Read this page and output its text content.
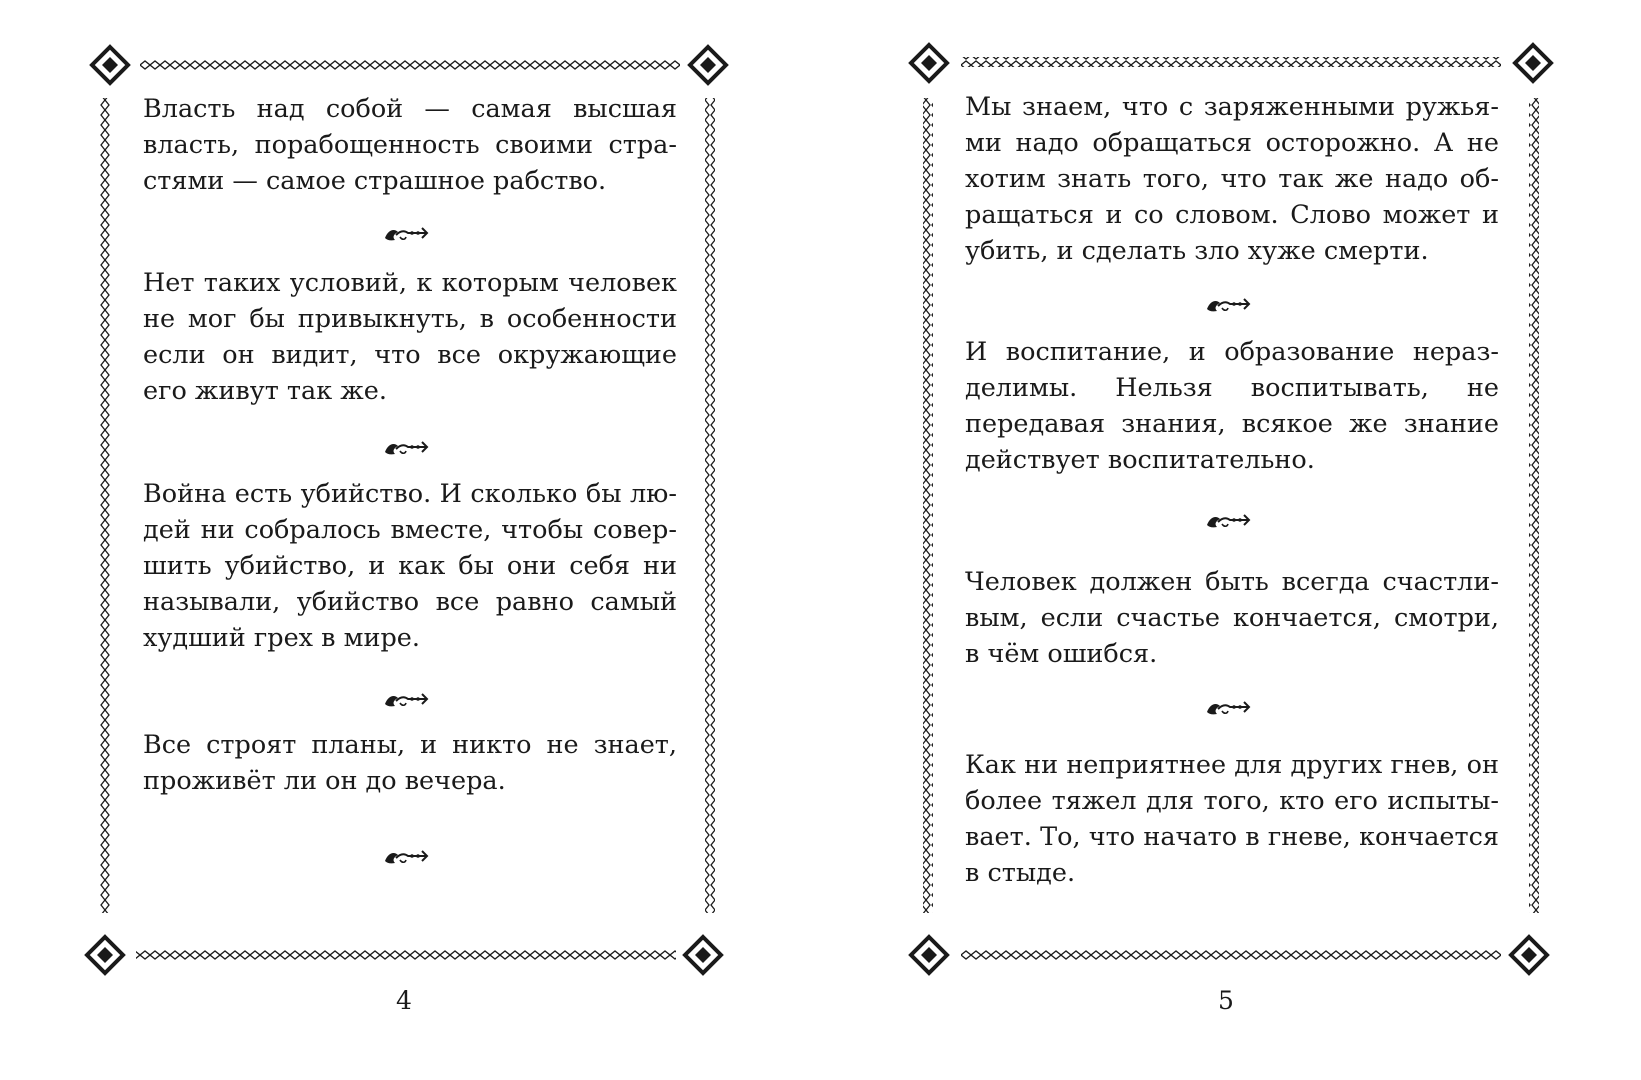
Власть над собой — самая высшая власть, порабощенность своими страстями — самое страшное рабство.

Нет таких условий, к которым человек не мог бы привыкнуть, в особенности если он видит, что все окружающие его живут так же.

Война есть убийство. И сколько бы людей ни собралось вместе, чтобы совершить убийство, и как бы они себя ни называли, убийство все равно самый худший грех в мире.

Все строят планы, и никто не знает, проживёт ли он до вечера.

4

Мы знаем, что с заряженными ружьями надо обращаться осторожно. А не хотим знать того, что так же надо обращаться и со словом. Слово может и убить, и сделать зло хуже смерти.

И воспитание, и образование неразделимы. Нельзя воспитывать, не передавая знания, всякое же знание действует воспитательно.

Человек должен быть всегда счастливым, если счастье кончается, смотри, в чём ошибся.

Как ни неприятнее для других гнев, он более тяжел для того, кто его испытывает. То, что начато в гневе, кончается в стыде.

5
